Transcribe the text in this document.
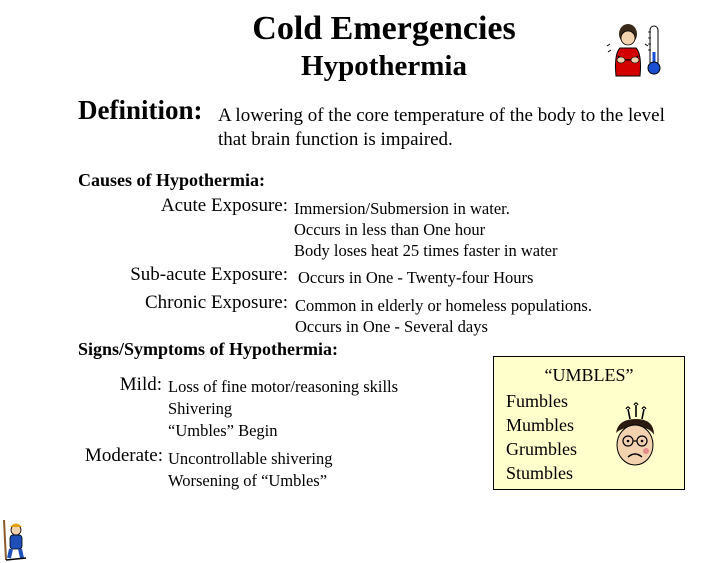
Cold Emergencies
Hypothermia
Definition: A lowering of the core temperature of the body to the level
that brain function is impaired.
Causes of Hypothermia:
Acute Exposure: Immersion/Submersion in water.
Occurs in less than One hour
Body loses heat 25 times faster in water
Sub-acute Exposure: Occurs in One - Twenty-four Hours
Chronic Exposure: Common in elderly or homeless populations.
Occurs in One - Several days
Signs/Symptoms of Hypothermia:
Mild: Loss of fine motor/reasoning skills
Shivering
“Umbles” Begin
Moderate: Uncontrollable shivering
Worsening of “Umbles”
“UMBLES”
Fumbles
Mumbles
Grumbles
Stumbles
